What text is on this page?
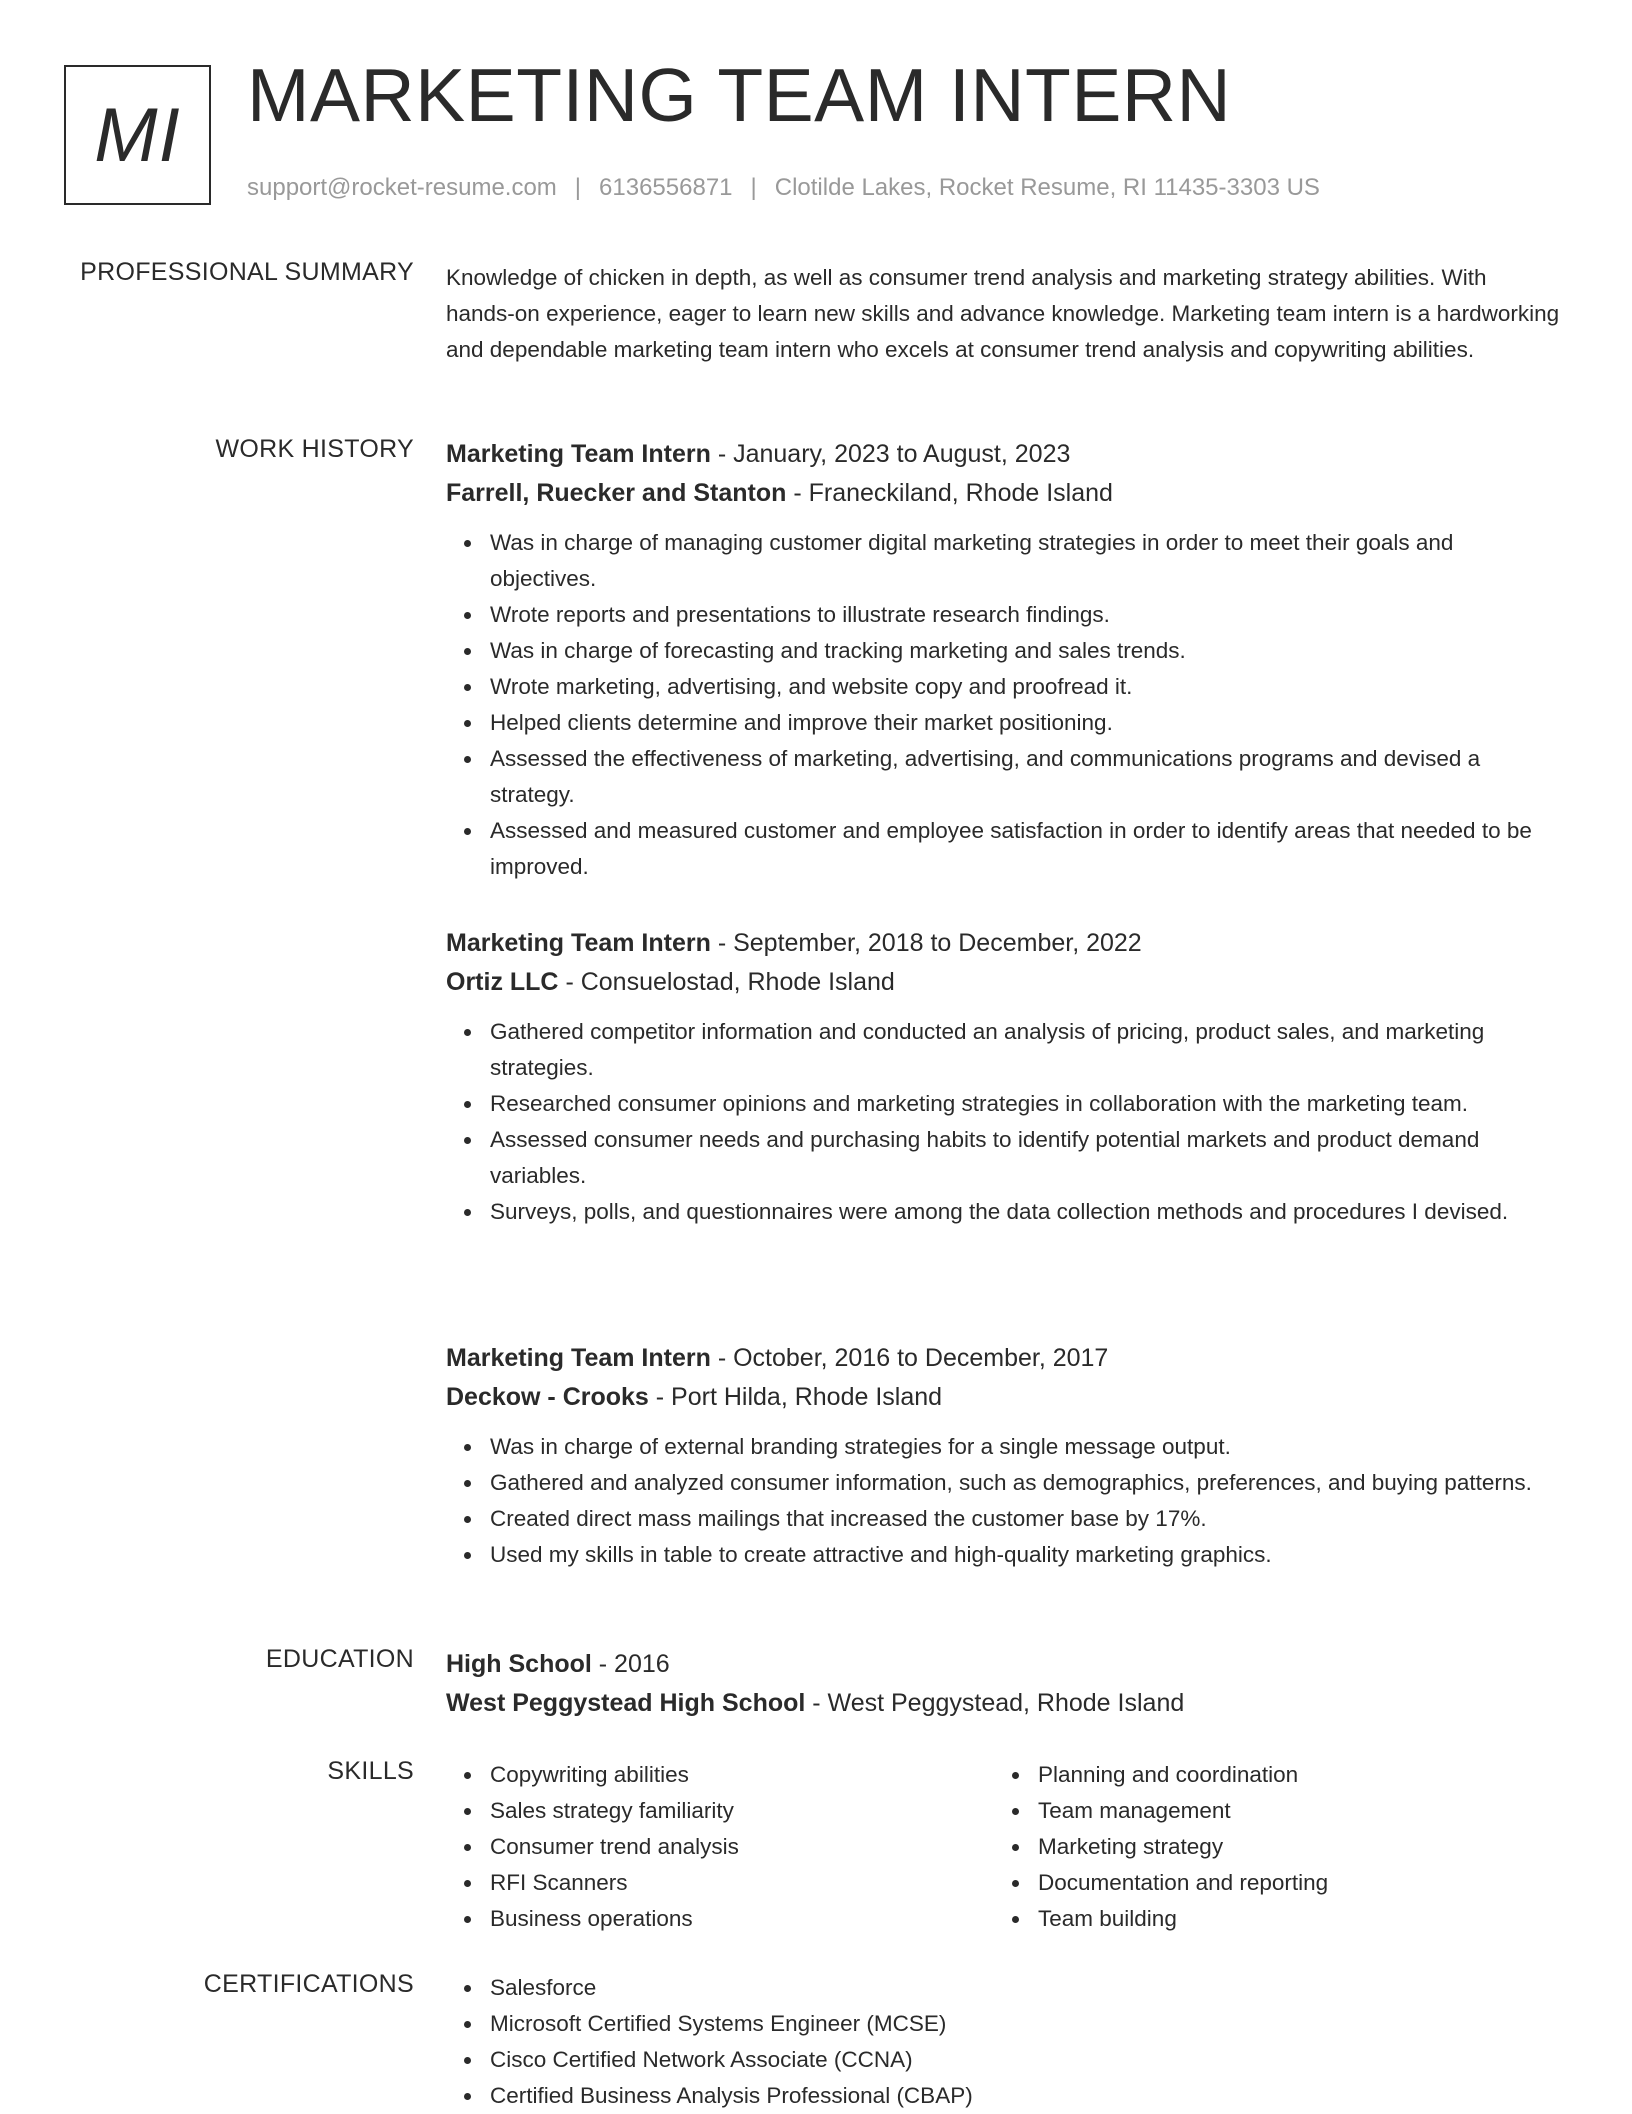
MI MARKETING TEAM INTERN
support@rocket-resume.com | 6136556871 | Clotilde Lakes, Rocket Resume, RI 11435-3303 US
PROFESSIONAL SUMMARY Knowledge of chicken in depth, as well as consumer trend analysis and marketing strategy abilities. With hands-on experience, eager to learn new skills and advance knowledge. Marketing team intern is a hardworking and dependable marketing team intern who excels at consumer trend analysis and copywriting abilities.

WORK HISTORY Marketing Team Intern - January, 2023 to August, 2023
Farrell, Ruecker and Stanton - Franeckiland, Rhode Island
Was in charge of managing customer digital marketing strategies in order to meet their goals and objectives.
Wrote reports and presentations to illustrate research findings.
Was in charge of forecasting and tracking marketing and sales trends.
Wrote marketing, advertising, and website copy and proofread it.
Helped clients determine and improve their market positioning.
Assessed the effectiveness of marketing, advertising, and communications programs and devised a strategy.
Assessed and measured customer and employee satisfaction in order to identify areas that needed to be improved.
Marketing Team Intern - September, 2018 to December, 2022
Ortiz LLC - Consuelostad, Rhode Island
Gathered competitor information and conducted an analysis of pricing, product sales, and marketing strategies.
Researched consumer opinions and marketing strategies in collaboration with the marketing team.
Assessed consumer needs and purchasing habits to identify potential markets and product demand variables.
Surveys, polls, and questionnaires were among the data collection methods and procedures I devised.
Marketing Team Intern - October, 2016 to December, 2017
Deckow - Crooks - Port Hilda, Rhode Island
Was in charge of external branding strategies for a single message output.
Gathered and analyzed consumer information, such as demographics, preferences, and buying patterns.
Created direct mass mailings that increased the customer base by 17%.
Used my skills in table to create attractive and high-quality marketing graphics.
EDUCATION High School - 2016
West Peggystead High School - West Peggystead, Rhode Island
SKILLS	Copywriting abilities
Sales strategy familiarity
Consumer trend analysis
RFI Scanners
Business operations
Planning and coordination
Team management
Marketing strategy
Documentation and reporting
Team building
CERTIFICATIONS	Salesforce
Microsoft Certified Systems Engineer (MCSE)
Cisco Certified Network Associate (CCNA)
Certified Business Analysis Professional (CBAP)
